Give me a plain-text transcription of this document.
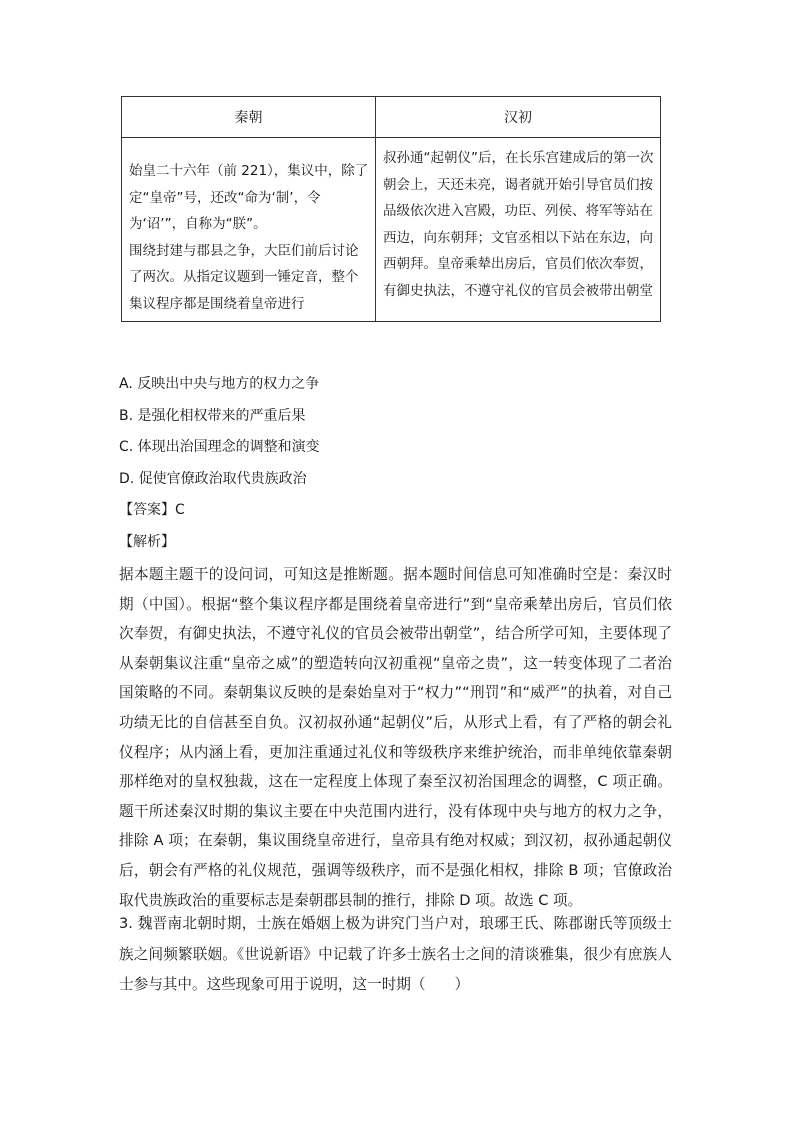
秦朝	汉初

始皇二十六年（前 221），集议中，除了定“皇帝”号，还改“命为‘制’，令为‘诏’”，自称为“朕”。
围绕封建与郡县之争，大臣们前后讨论了两次。从指定议题到一锤定音，整个集议程序都是围绕着皇帝进行	叔孙通“起朝仪”后，在长乐宫建成后的第一次朝会上，天还未亮，谒者就开始引导官员们按品级依次进入宫殿，功臣、列侯、将军等站在西边，向东朝拜；文官丞相以下站在东边，向西朝拜。皇帝乘辇出房后，官员们依次奉贺，有御史执法，不遵守礼仪的官员会被带出朝堂
A. 反映出中央与地方的权力之争
B. 是强化相权带来的严重后果
C. 体现出治国理念的调整和演变
D. 促使官僚政治取代贵族政治
【答案】C
【解析】
据本题主题干的设问词，可知这是推断题。据本题时间信息可知准确时空是：秦汉时期（中国）。根据“整个集议程序都是围绕着皇帝进行”到“皇帝乘辇出房后，官员们依次奉贺，有御史执法，不遵守礼仪的官员会被带出朝堂”，结合所学可知，主要体现了从秦朝集议注重“皇帝之威”的塑造转向汉初重视“皇帝之贵”，这一转变体现了二者治国策略的不同。秦朝集议反映的是秦始皇对于“权力”“刑罚”和“威严”的执着，对自己功绩无比的自信甚至自负。汉初叔孙通“起朝仪”后，从形式上看，有了严格的朝会礼仪程序；从内涵上看，更加注重通过礼仪和等级秩序来维护统治，而非单纯依靠秦朝那样绝对的皇权独裁，这在一定程度上体现了秦至汉初治国理念的调整，C 项正确。题干所述秦汉时期的集议主要在中央范围内进行，没有体现中央与地方的权力之争，排除 A 项；在秦朝，集议围绕皇帝进行，皇帝具有绝对权威；到汉初，叔孙通起朝仪后，朝会有严格的礼仪规范，强调等级秩序，而不是强化相权，排除 B 项；官僚政治取代贵族政治的重要标志是秦朝郡县制的推行，排除 D 项。故选 C 项。
3. 魏晋南北朝时期，士族在婚姻上极为讲究门当户对，琅琊王氏、陈郡谢氏等顶级士族之间频繁联姻。《世说新语》中记载了许多士族名士之间的清谈雅集，很少有庶族人士参与其中。这些现象可用于说明，这一时期（　　）
